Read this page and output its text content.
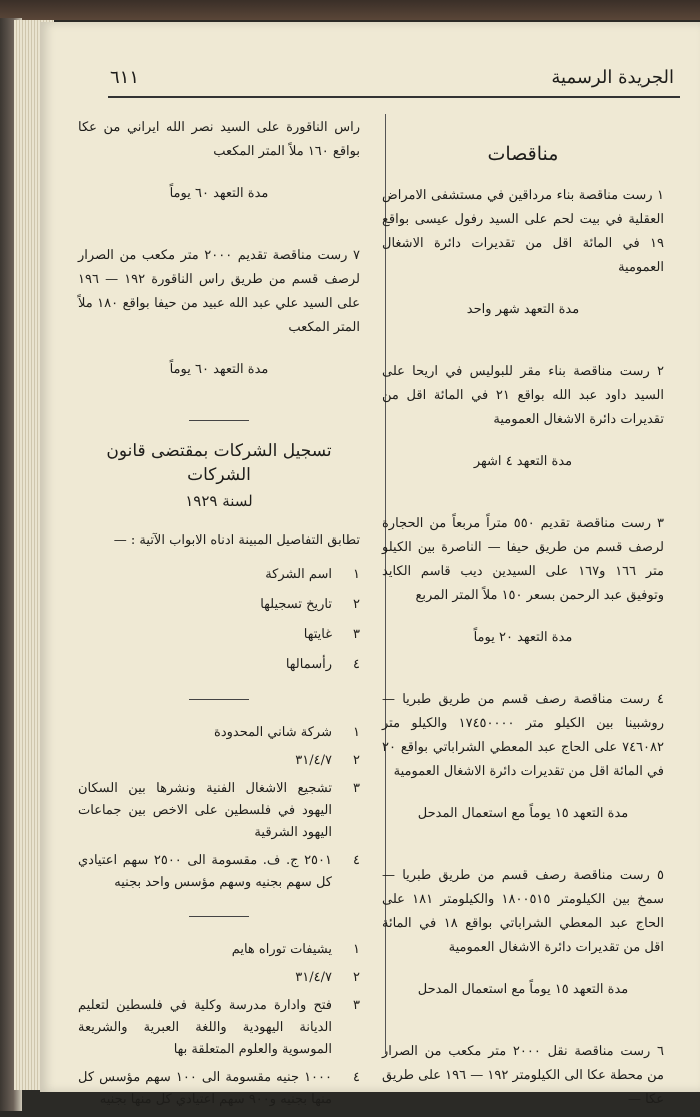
الجريدة الرسمية
٦١١
مناقصات

١ رست مناقصة بناء مرداقين في مستشفى الامراض العقلية في بيت لحم على السيد رفول عيسى بواقع ١٩ في المائة اقل من تقديرات دائرة الاشغال العمومية

مدة التعهد شهر واحد

٢ رست مناقصة بناء مقر للبوليس في اريحا على السيد داود عبد الله بواقع ٢١ في المائة اقل من تقديرات دائرة الاشغال العمومية

مدة التعهد ٤ اشهر

٣ رست مناقصة تقديم ٥٥٠ متراً مربعاً من الحجارة لرصف قسم من طريق حيفا — الناصرة بين الكيلو متر ١٦٦ و١٦٧ على السيدين ديب قاسم الكايد وتوفيق عبد الرحمن بسعر ١٥٠ ملاً المتر المربع

مدة التعهد ٢٠ يوماً

٤ رست مناقصة رصف قسم من طريق طبريا — روشبينا بين الكيلو متر ١٧٤٥٠٠٠٠ والكيلو متر ٧٤٦٠٨٢ على الحاج عبد المعطي الشراباتي بواقع ٢٠ في المائة اقل من تقديرات دائرة الاشغال العمومية

مدة التعهد ١٥ يوماً مع استعمال المدحل

٥ رست مناقصة رصف قسم من طريق طبريا — سمخ بين الكيلومتر ١٨٠٠٥١٥ والكيلومتر ١٨١ على الحاج عبد المعطي الشراباتي بواقع ١٨ في المائة اقل من تقديرات دائرة الاشغال العمومية

مدة التعهد ١٥ يوماً مع استعمال المدحل

٦ رست مناقصة نقل ٢٠٠٠ متر مكعب من الصرار من محطة عكا الى الكيلومتر ١٩٢ — ١٩٦ على طريق عكا —

راس الناقورة على السيد نصر الله ايراني من عكا بواقع ١٦٠ ملاً المتر المكعب

مدة التعهد ٦٠ يوماً

٧ رست مناقصة تقديم ٢٠٠٠ متر مكعب من الصرار لرصف قسم من طريق راس الناقورة ١٩٢ — ١٩٦ على السيد علي عبد الله عبيد من حيفا بواقع ١٨٠ ملاً المتر المكعب

مدة التعهد ٦٠ يوماً

تسجيل الشركات بمقتضى قانون الشركات
لسنة ١٩٢٩

تطابق التفاصيل المبينة ادناه الابواب الآتية : —

١
اسم الشركة
٢
تاريخ تسجيلها
٣
غايتها
٤
رأسمالها
١
شركة شاني المحدودة
٢
٣١/٤/٧
٣
تشجيع الاشغال الفنية ونشرها بين السكان اليهود في فلسطين على الاخص بين جماعات اليهود الشرقية
٤
٢٥٠١ ج. ف. مقسومة الى ٢٥٠٠ سهم اعتيادي كل سهم بجنيه وسهم مؤسس واحد بجنيه
١
يشيفات توراه هايم
٢
٣١/٤/٧
٣
فتح وادارة مدرسة وكلية في فلسطين لتعليم الديانة اليهودية واللغة العبرية والشريعة الموسوية والعلوم المتعلقة بها
٤
١٠٠٠ جنيه مقسومة الى ١٠٠ سهم مؤسس كل منها بجنيه و٩٠٠ سهم اعتيادي كل منها بجنيه
